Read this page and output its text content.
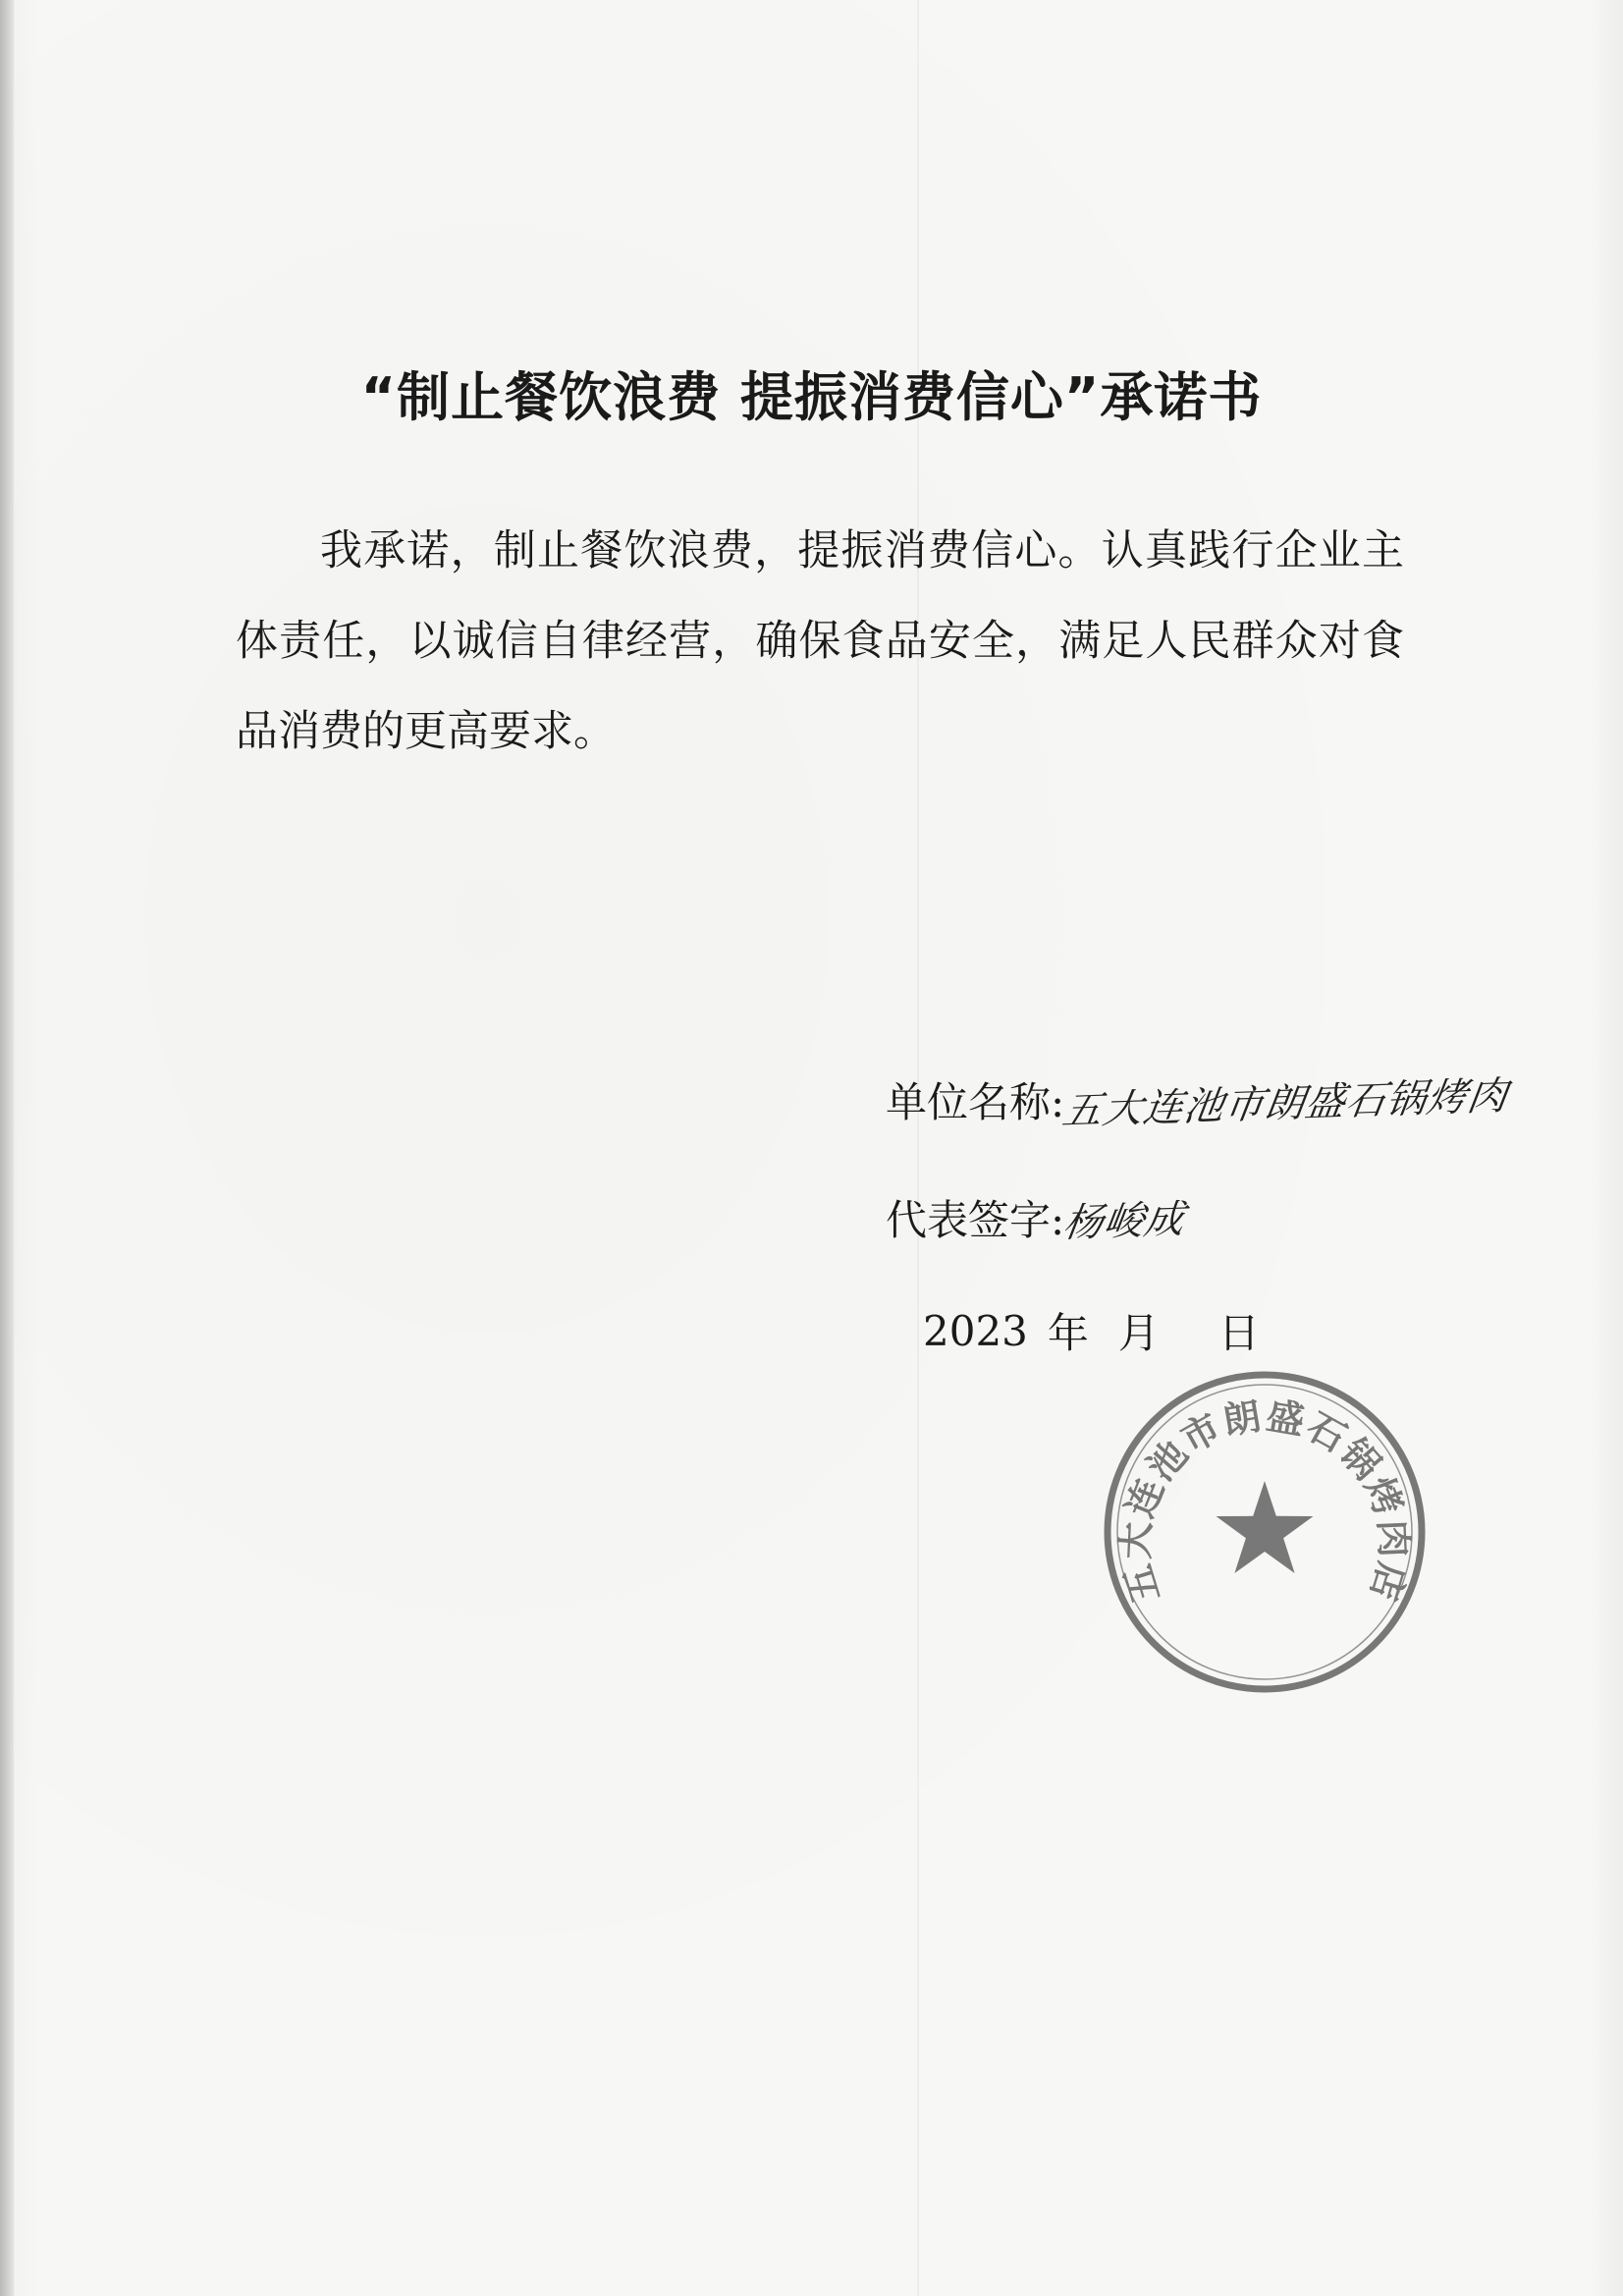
“制止餐饮浪费 提振消费信心”承诺书

我承诺，制止餐饮浪费，提振消费信心。认真践行企业主体责任，以诚信自律经营，确保食品安全，满足人民群众对食品消费的更高要求。

单位名称:
五大连池市朗盛石锅烤肉
代表签字:
杨峻成
2023 年 月 日
五大连池市朗盛石锅烤肉店
